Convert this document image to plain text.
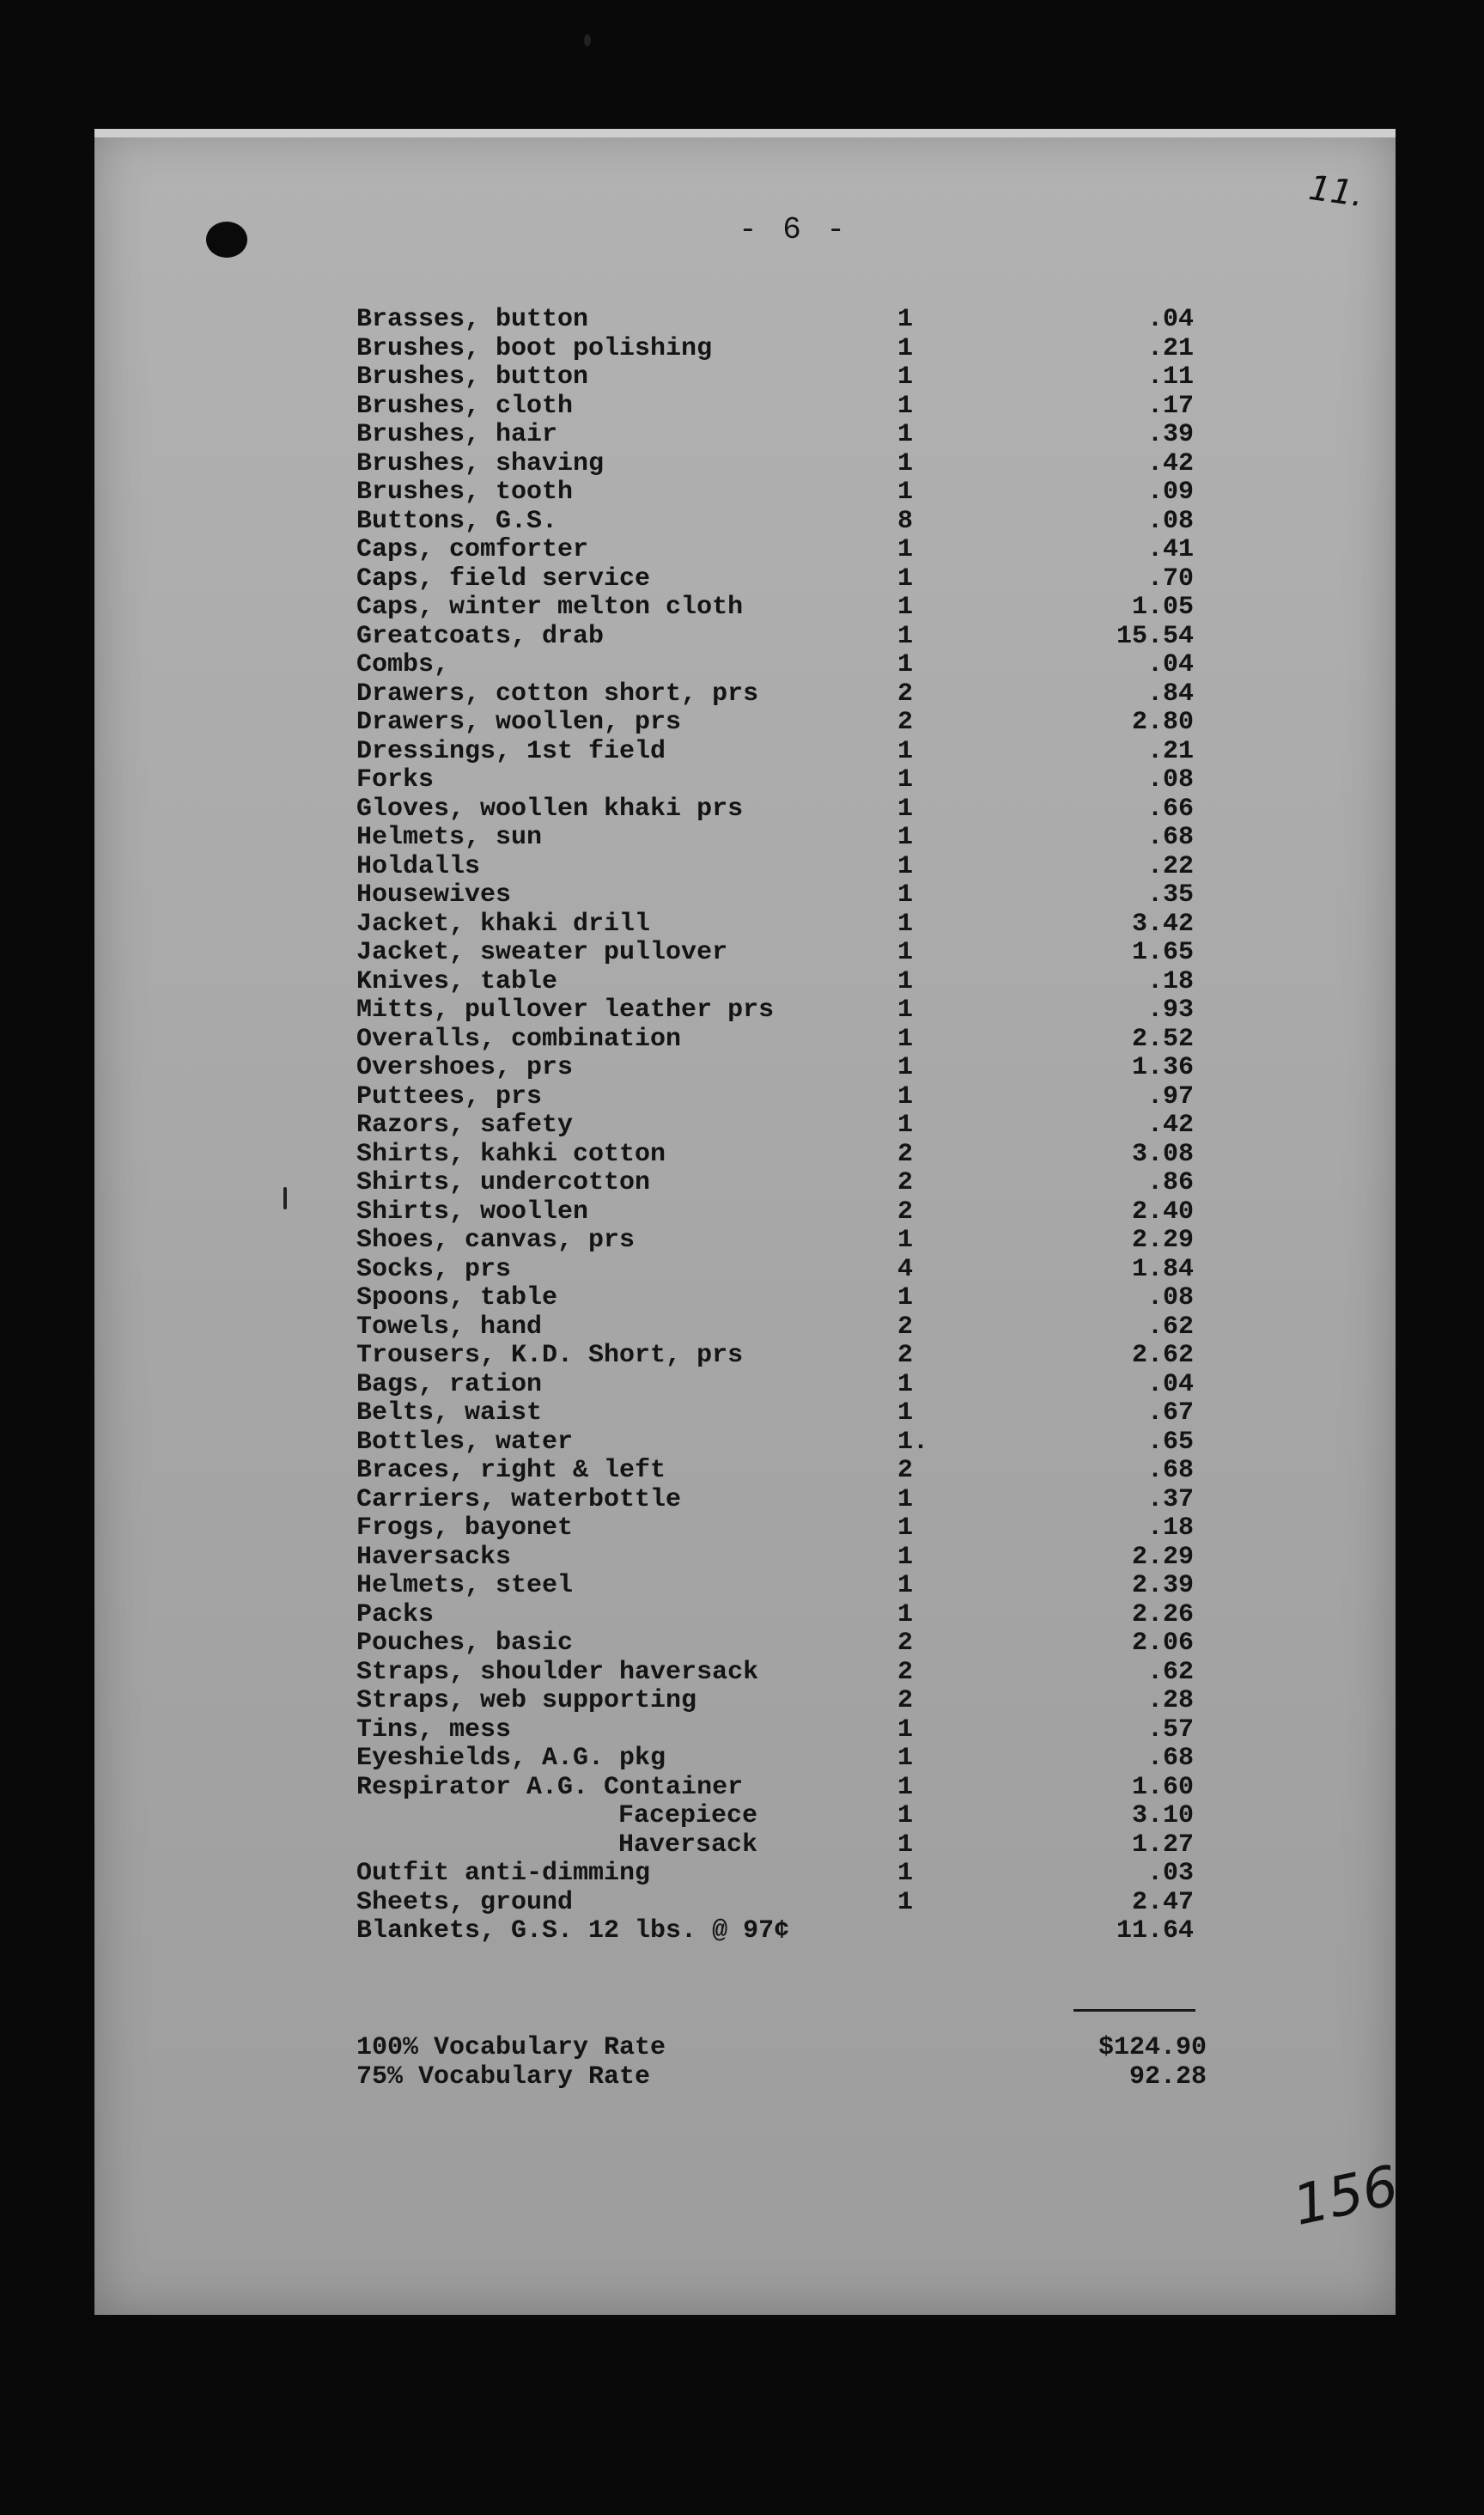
11.
156
- 6 -
Brasses, button	1	.04
Brushes, boot polishing	1	.21
Brushes, button	1	.11
Brushes, cloth	1	.17
Brushes, hair	1	.39
Brushes, shaving	1	.42
Brushes, tooth	1	.09
Buttons, G.S.	8	.08
Caps, comforter	1	.41
Caps, field service	1	.70
Caps, winter melton cloth	1	1.05
Greatcoats, drab	1	15.54
Combs,	1	.04
Drawers, cotton short, prs	2	.84
Drawers, woollen, prs	2	2.80
Dressings, 1st field	1	.21
Forks	1	.08
Gloves, woollen khaki prs	1	.66
Helmets, sun	1	.68
Holdalls	1	.22
Housewives	1	.35
Jacket, khaki drill	1	3.42
Jacket, sweater pullover	1	1.65
Knives, table	1	.18
Mitts, pullover leather prs	1	.93
Overalls, combination	1	2.52
Overshoes, prs	1	1.36
Puttees, prs	1	.97
Razors, safety	1	.42
Shirts, kahki cotton	2	3.08
Shirts, undercotton	2	.86
Shirts, woollen	2	2.40
Shoes, canvas, prs	1	2.29
Socks, prs	4	1.84
Spoons, table	1	.08
Towels, hand	2	.62
Trousers, K.D. Short, prs	2	2.62
Bags, ration	1	.04
Belts, waist	1	.67
Bottles, water	1.	.65
Braces, right & left	2	.68
Carriers, waterbottle	1	.37
Frogs, bayonet	1	.18
Haversacks	1	2.29
Helmets, steel	1	2.39
Packs	1	2.26
Pouches, basic	2	2.06
Straps, shoulder haversack	2	.62
Straps, web supporting	2	.28
Tins, mess	1	.57
Eyeshields, A.G. pkg	1	.68
Respirator A.G. Container	1	1.60
Facepiece	1	3.10
Haversack	1	1.27
Outfit anti-dimming	1	.03
Sheets, ground	1	2.47
Blankets, G.S. 12 lbs. @ 97¢	11.64
100% Vocabulary Rate	$124.90
75% Vocabulary Rate	92.28
